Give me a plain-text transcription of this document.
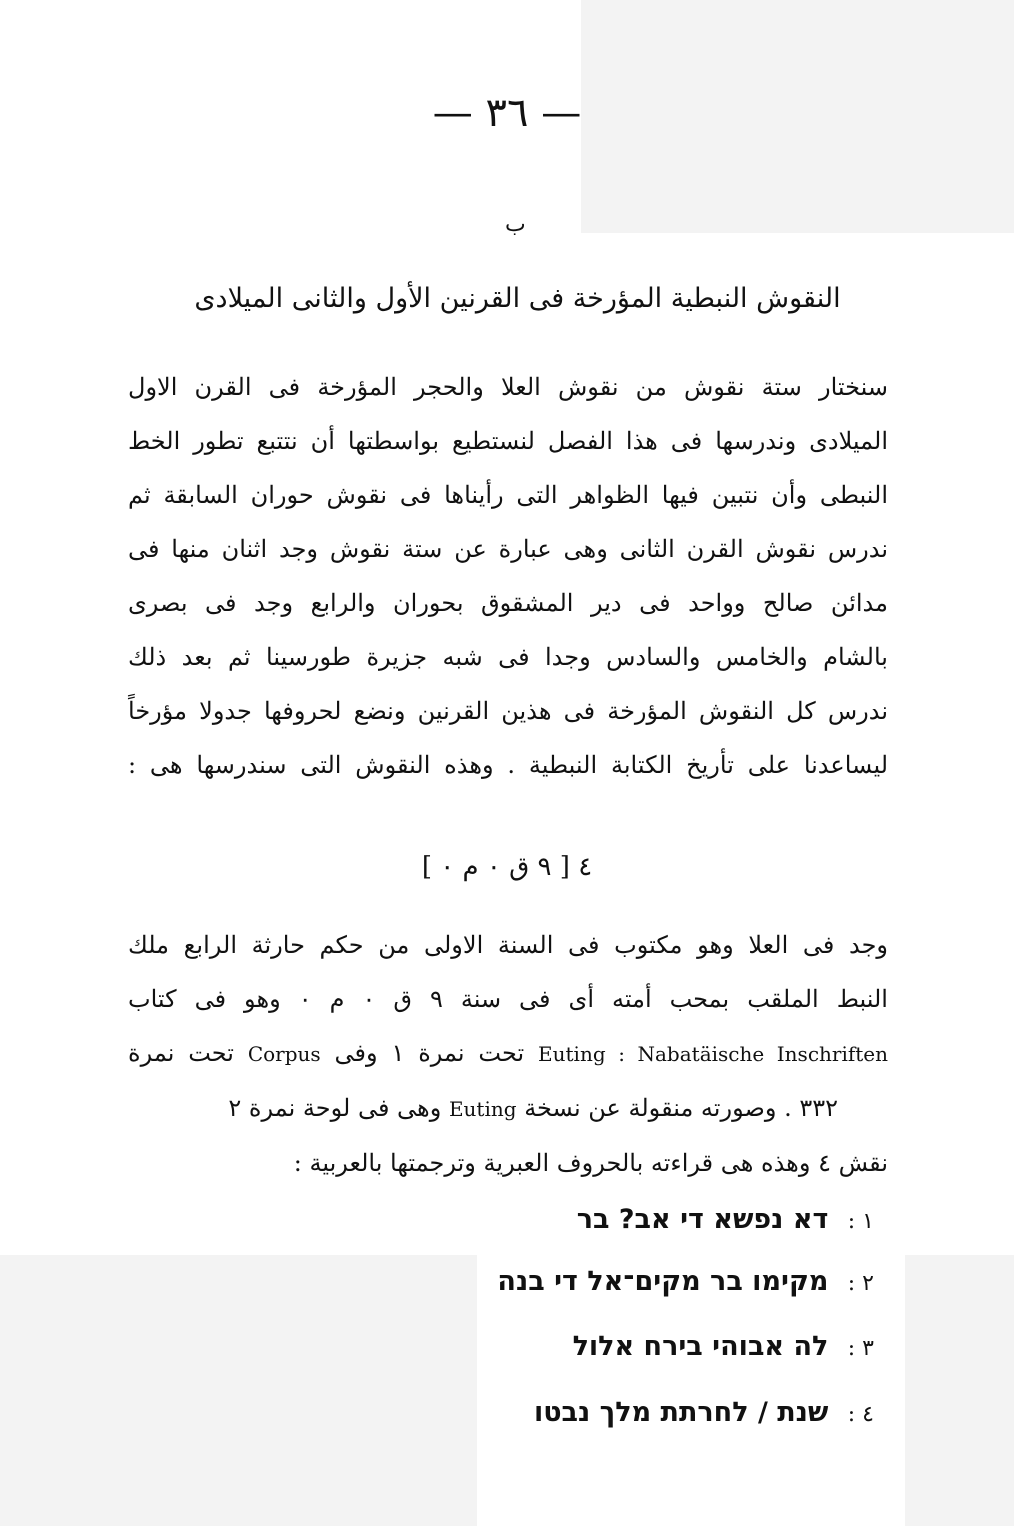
— ٣٦ —
ب
النقوش النبطية المؤرخة فى القرنين الأول والثانى الميلادى
سنختار ستة نقوش من نقوش العلا والحجر المؤرخة فى القرن الاول
الميلادى وندرسها فى هذا الفصل لنستطيع بواسطتها أن نتتبع تطور الخط
النبطى وأن نتبين فيها الظواهر التى رأيناها فى نقوش حوران السابقة ثم
ندرس نقوش القرن الثانى وهى عبارة عن ستة نقوش وجد اثنان منها فى
مدائن صالح وواحد فى دير المشقوق بحوران والرابع وجد فى بصرى
بالشام والخامس والسادس وجدا فى شبه جزيرة طورسينا ثم بعد ذلك
ندرس كل النقوش المؤرخة فى هذين القرنين ونضع لحروفها جدولا مؤرخاً
ليساعدنا على تأريخ الكتابة النبطية . وهذه النقوش التى سندرسها هى :
٤ [ ٩ ق ٠ م ٠ ]
وجد فى العلا وهو مكتوب فى السنة الاولى من حكم حارثة الرابع ملك
النبط الملقب بمحب أمته أى فى سنة ٩ ق ٠ م ٠ وهو فى كتاب
Euting : Nabatäische Inschriften تحت نمرة ١ وفى Corpus تحت نمرة
٣٣٢ . وصورته منقولة عن نسخة Euting وهى فى لوحة نمرة ٢
نقش ٤ وهذه هى قراءته بالحروف العبرية وترجمتها بالعربية :
١ : דא נפשא די אב? בר
٢ : מקימו בר מקים־אל די בנה
٣ : לה אבוהי בירח אלול
٤ : שנת / לחרתת מלך נבטו
